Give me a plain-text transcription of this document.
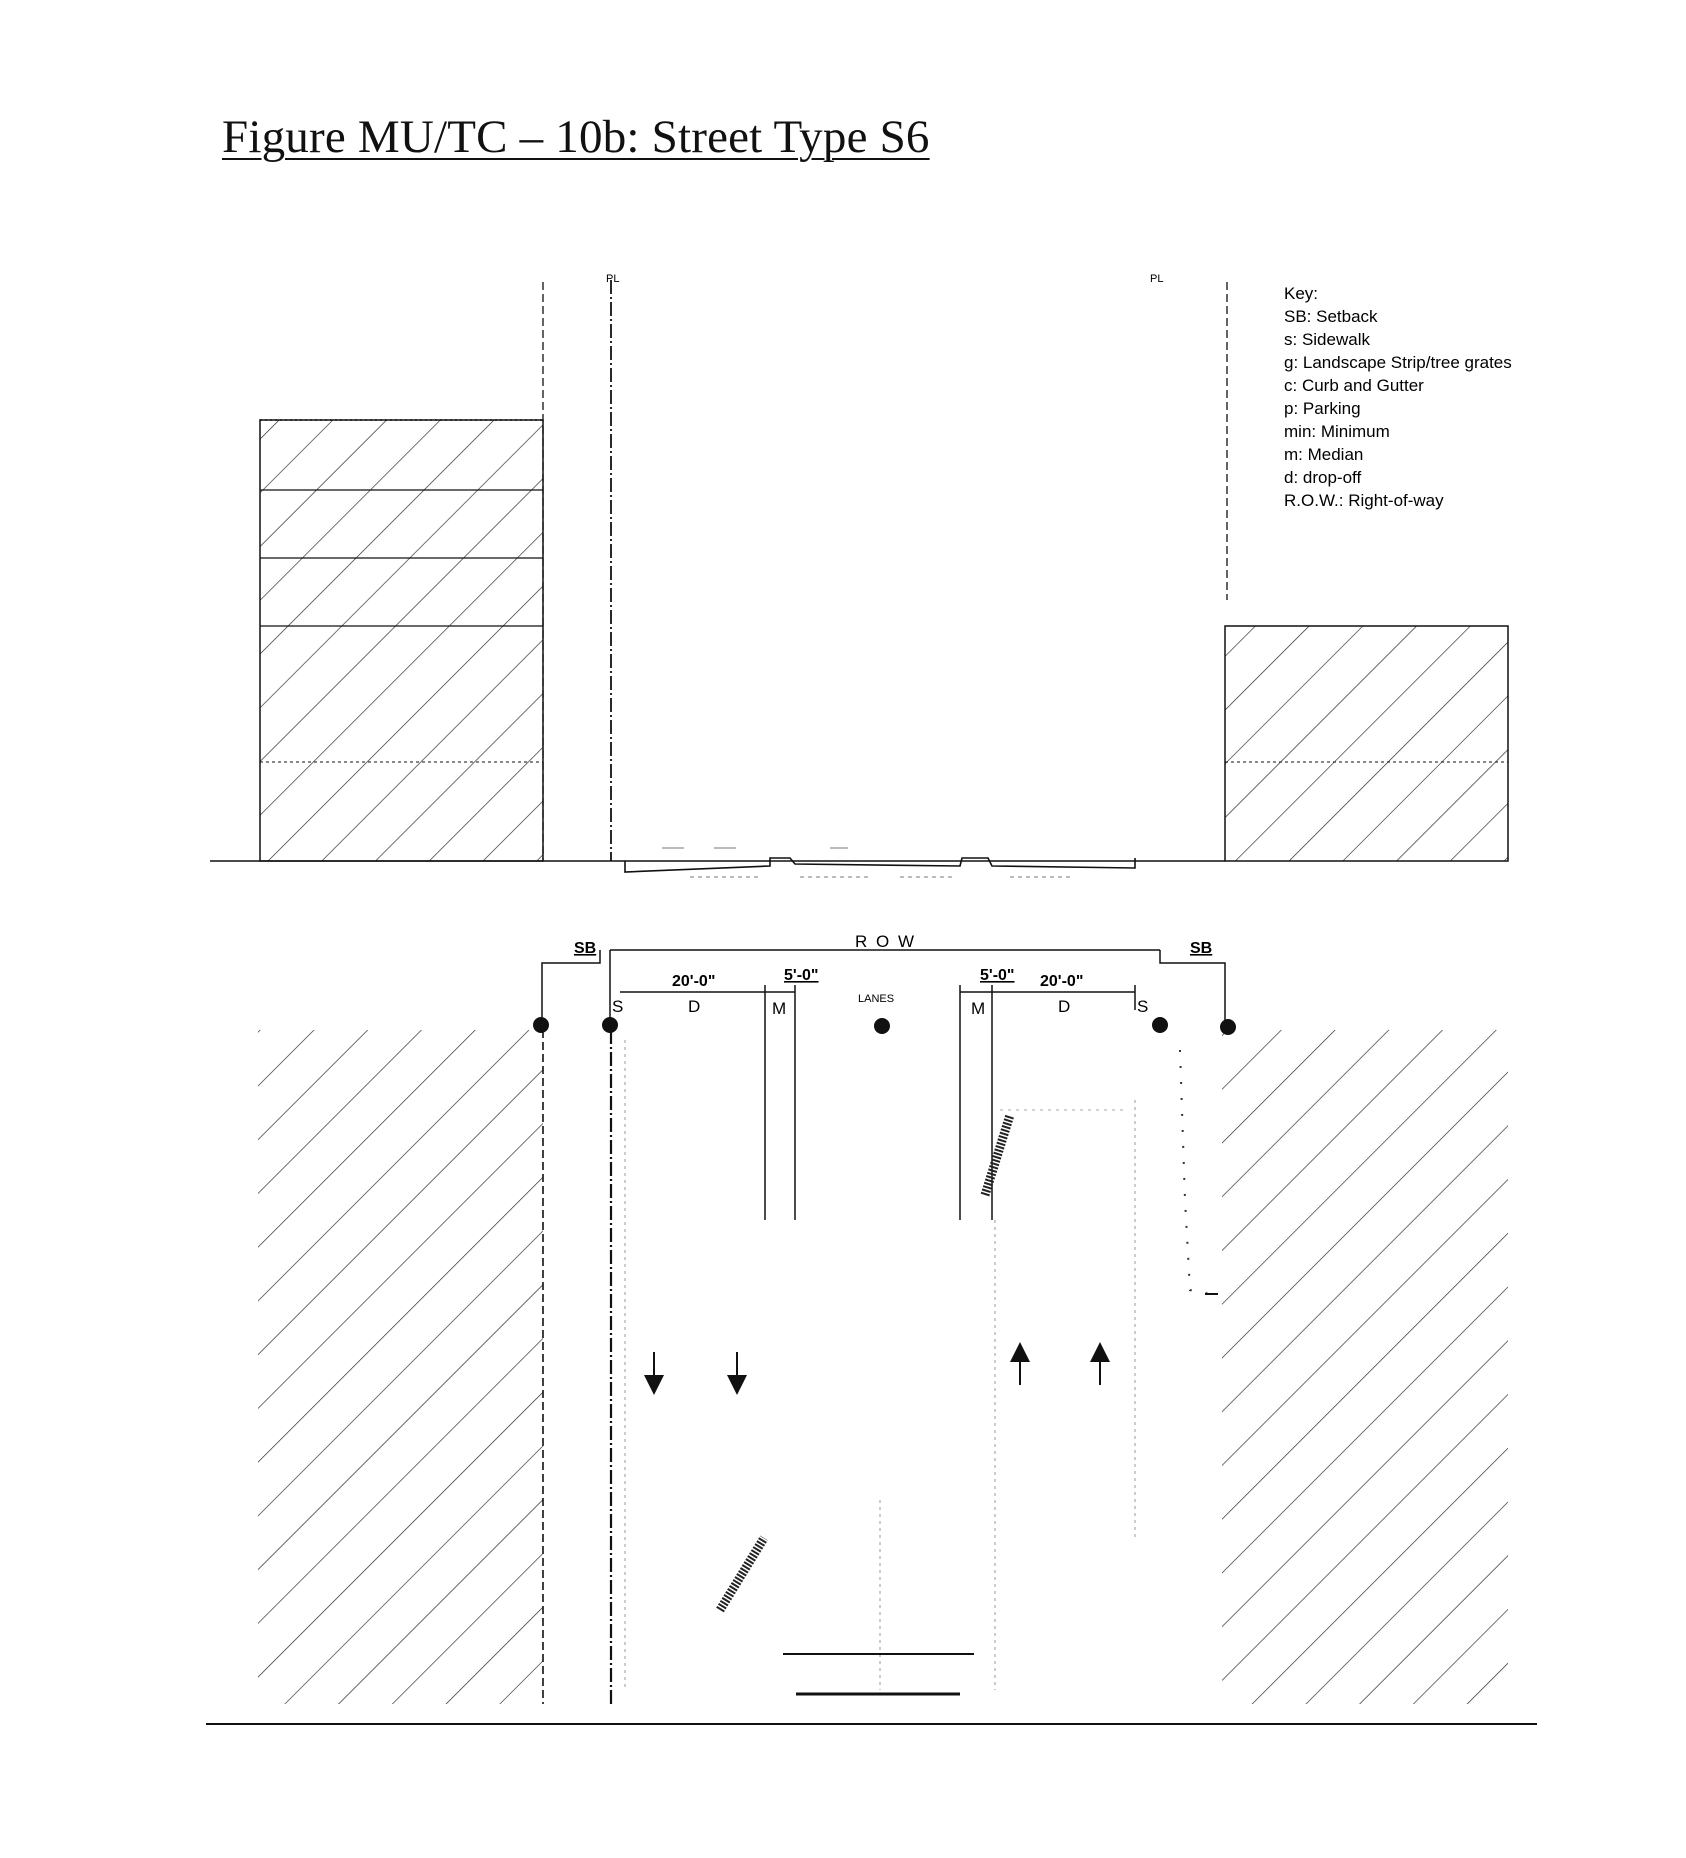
Figure MU/TC – 10b: Street Type S6
PL	PL
Key:
SB: Setback
s: Sidewalk
g: Landscape Strip/tree grates
c: Curb and Gutter
p: Parking
min: Minimum
m: Median
d: drop-off
R.O.W.: Right-of-way
R O W
SB	SB
20'-0"	5'-0"	5'-0" 20'-0"
S	D	M	LANES	M	D	S
